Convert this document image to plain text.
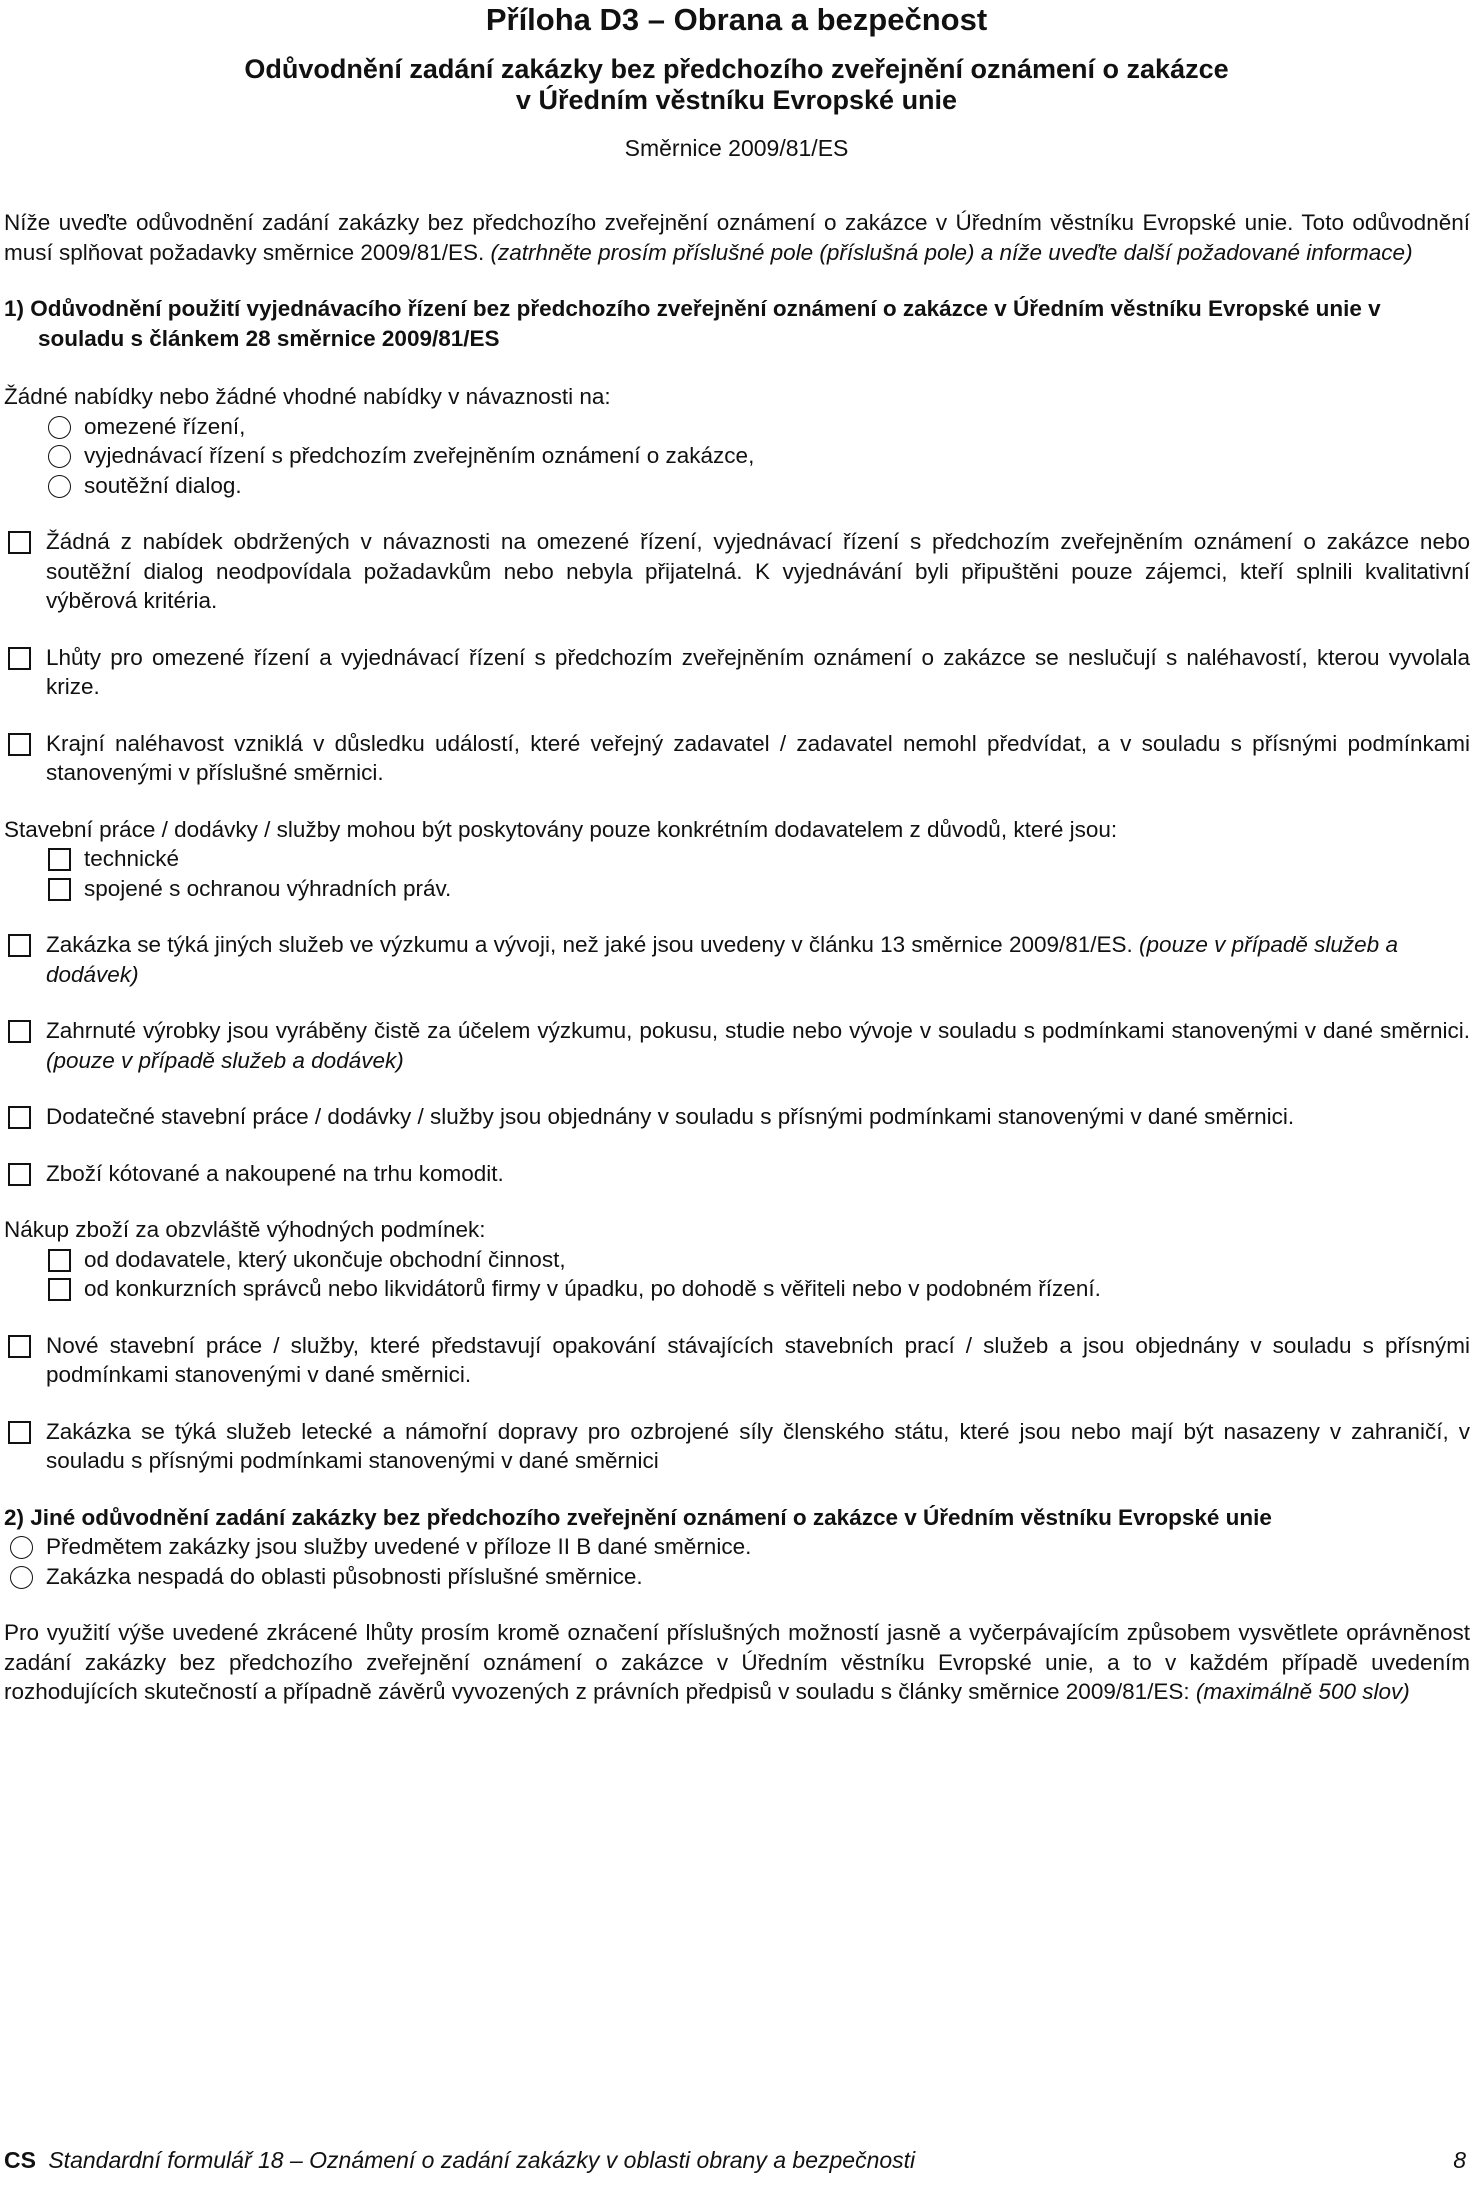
Příloha D3 – Obrana a bezpečnost
Odůvodnění zadání zakázky bez předchozího zveřejnění oznámení o zakázce
v Úředním věstníku Evropské unie
Směrnice 2009/81/ES

Níže uveďte odůvodnění zadání zakázky bez předchozího zveřejnění oznámení o zakázce v Úředním věstníku Evropské unie. Toto odůvodnění musí splňovat požadavky směrnice 2009/81/ES. (zatrhněte prosím příslušné pole (příslušná pole) a níže uveďte další požadované informace)

1) Odůvodnění použití vyjednávacího řízení bez předchozího zveřejnění oznámení o zakázce v Úředním věstníku Evropské unie v souladu s článkem 28 směrnice 2009/81/ES

Žádné nabídky nebo žádné vhodné nabídky v návaznosti na:

omezené řízení,
vyjednávací řízení s předchozím zveřejněním oznámení o zakázce,
soutěžní dialog.
Žádná z nabídek obdržených v návaznosti na omezené řízení, vyjednávací řízení s předchozím zveřejněním oznámení o zakázce nebo soutěžní dialog neodpovídala požadavkům nebo nebyla přijatelná. K vyjednávání byli připuštěni pouze zájemci, kteří splnili kvalitativní výběrová kritéria.
Lhůty pro omezené řízení a vyjednávací řízení s předchozím zveřejněním oznámení o zakázce se neslučují s naléhavostí, kterou vyvolala krize.
Krajní naléhavost vzniklá v důsledku událostí, které veřejný zadavatel / zadavatel nemohl předvídat, a v souladu s přísnými podmínkami stanovenými v příslušné směrnici.

Stavební práce / dodávky / služby mohou být poskytovány pouze konkrétním dodavatelem z důvodů, které jsou:

technické
spojené s ochranou výhradních práv.
Zakázka se týká jiných služeb ve výzkumu a vývoji, než jaké jsou uvedeny v článku 13 směrnice 2009/81/ES. (pouze v případě služeb a dodávek)
Zahrnuté výrobky jsou vyráběny čistě za účelem výzkumu, pokusu, studie nebo vývoje v souladu s podmínkami stanovenými v dané směrnici. (pouze v případě služeb a dodávek)
Dodatečné stavební práce / dodávky / služby jsou objednány v souladu s přísnými podmínkami stanovenými v dané směrnici.
Zboží kótované a nakoupené na trhu komodit.

Nákup zboží za obzvláště výhodných podmínek:

od dodavatele, který ukončuje obchodní činnost,
od konkurzních správců nebo likvidátorů firmy v úpadku, po dohodě s věřiteli nebo v podobném řízení.
Nové stavební práce / služby, které představují opakování stávajících stavebních prací / služeb a jsou objednány v souladu s přísnými podmínkami stanovenými v dané směrnici.
Zakázka se týká služeb letecké a námořní dopravy pro ozbrojené síly členského státu, které jsou nebo mají být nasazeny v zahraničí, v souladu s přísnými podmínkami stanovenými v dané směrnici

2) Jiné odůvodnění zadání zakázky bez předchozího zveřejnění oznámení o zakázce v Úředním věstníku Evropské unie

Předmětem zakázky jsou služby uvedené v příloze II B dané směrnice.
Zakázka nespadá do oblasti působnosti příslušné směrnice.

Pro využití výše uvedené zkrácené lhůty prosím kromě označení příslušných možností jasně a vyčerpávajícím způsobem vysvětlete oprávněnost zadání zakázky bez předchozího zveřejnění oznámení o zakázce v Úředním věstníku Evropské unie, a to v každém případě uvedením rozhodujících skutečností a případně závěrů vyvozených z právních předpisů v souladu s články směrnice 2009/81/ES: (maximálně 500 slov)

CS Standardní formulář 18 – Oznámení o zadání zakázky v oblasti obrany a bezpečnosti	8
